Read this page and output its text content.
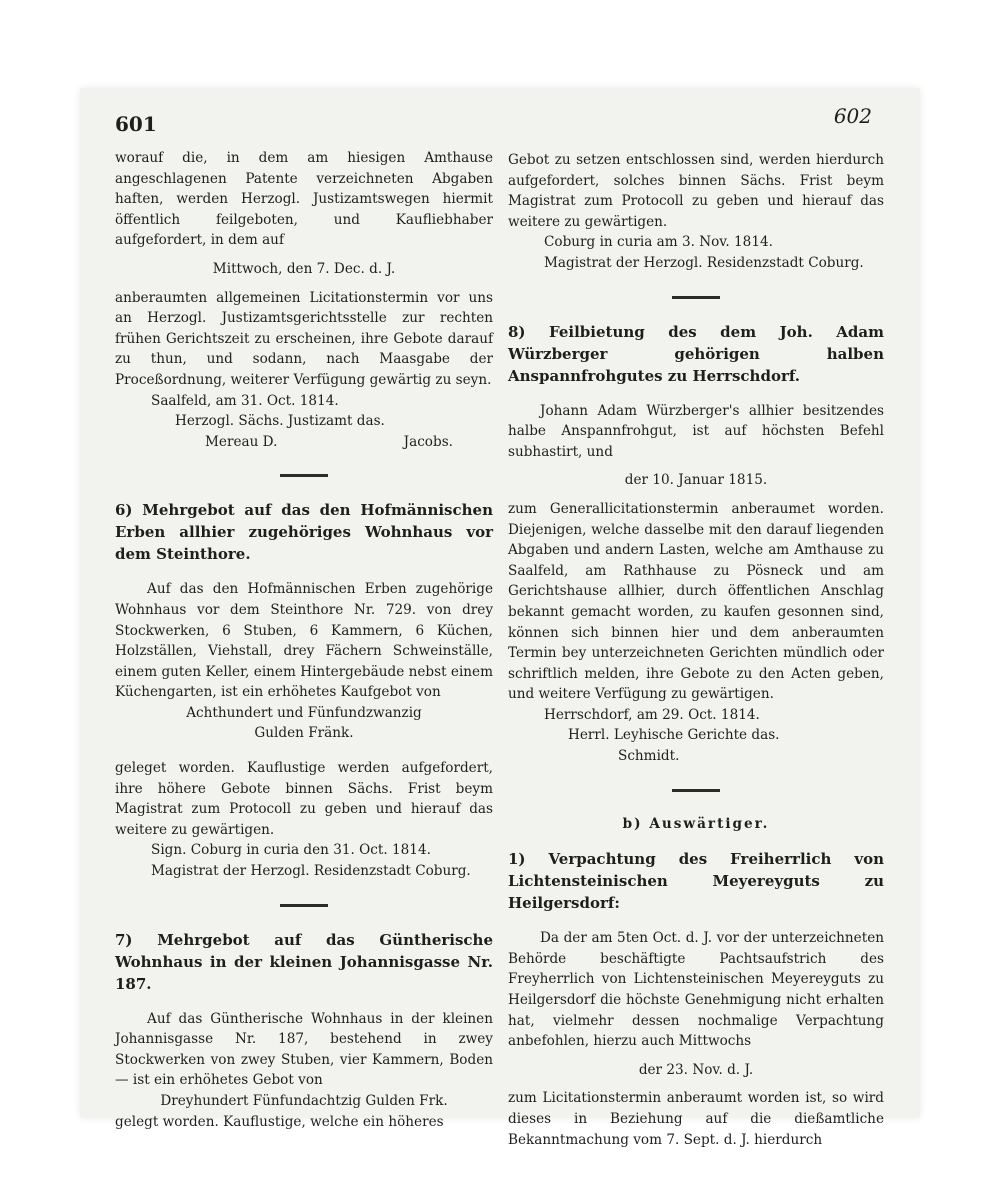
601	602

worauf die, in dem am hiesigen Amthause angeschlagenen Patente verzeichneten Abgaben haften, werden Herzogl. Justizamtswegen hiermit öffentlich feilgeboten, und Kaufliebhaber aufgefordert, in dem auf

Mittwoch, den 7. Dec. d. J.

anberaumten allgemeinen Licitationstermin vor uns an Herzogl. Justizamtsgerichtsstelle zur rechten frühen Gerichtszeit zu erscheinen, ihre Gebote darauf zu thun, und sodann, nach Maasgabe der Proceßordnung, weiterer Verfügung gewärtig zu seyn.

Saalfeld, am 31. Oct. 1814.

Herzogl. Sächs. Justizamt das.

Mereau D.	Jacobs.

6) Mehrgebot auf das den Hofmännischen Erben allhier zugehöriges Wohnhaus vor dem Steinthore.

Auf das den Hofmännischen Erben zugehörige Wohnhaus vor dem Steinthore Nr. 729. von drey Stockwerken, 6 Stuben, 6 Kammern, 6 Küchen, Holzställen, Viehstall, drey Fächern Schweinställe, einem guten Keller, einem Hintergebäude nebst einem Küchengarten, ist ein erhöhetes Kaufgebot von

Achthundert und Fünfundzwanzig

Gulden Fränk.

geleget worden. Kauflustige werden aufgefordert, ihre höhere Gebote binnen Sächs. Frist beym Magistrat zum Protocoll zu geben und hierauf das weitere zu gewärtigen.

Sign. Coburg in curia den 31. Oct. 1814.

Magistrat der Herzogl. Residenzstadt Coburg.

7) Mehrgebot auf das Güntherische Wohnhaus in der kleinen Johannisgasse Nr. 187.

Auf das Güntherische Wohnhaus in der kleinen Johannisgasse Nr. 187, bestehend in zwey Stockwerken von zwey Stuben, vier Kammern, Boden — ist ein erhöhetes Gebot von

Dreyhundert Fünfundachtzig Gulden Frk.

gelegt worden. Kauflustige, welche ein höheres

Gebot zu setzen entschlossen sind, werden hierdurch aufgefordert, solches binnen Sächs. Frist beym Magistrat zum Protocoll zu geben und hierauf das weitere zu gewärtigen.

Coburg in curia am 3. Nov. 1814.

Magistrat der Herzogl. Residenzstadt Coburg.

8) Feilbietung des dem Joh. Adam Würzberger gehörigen halben Anspannfrohgutes zu Herrschdorf.

Johann Adam Würzberger's allhier besitzendes halbe Anspannfrohgut, ist auf höchsten Befehl subhastirt, und

der 10. Januar 1815.

zum Generallicitationstermin anberaumet worden. Diejenigen, welche dasselbe mit den darauf liegenden Abgaben und andern Lasten, welche am Amthause zu Saalfeld, am Rathhause zu Pösneck und am Gerichtshause allhier, durch öffentlichen Anschlag bekannt gemacht worden, zu kaufen gesonnen sind, können sich binnen hier und dem anberaumten Termin bey unterzeichneten Gerichten mündlich oder schriftlich melden, ihre Gebote zu den Acten geben, und weitere Verfügung zu gewärtigen.

Herrschdorf, am 29. Oct. 1814.

Herrl. Leyhische Gerichte das.

Schmidt.

b) Auswärtiger.

1) Verpachtung des Freiherrlich von Lichtensteinischen Meyereyguts zu Heilgersdorf:

Da der am 5ten Oct. d. J. vor der unterzeichneten Behörde beschäftigte Pachtsaufstrich des Freyherrlich von Lichtensteinischen Meyereyguts zu Heilgersdorf die höchste Genehmigung nicht erhalten hat, vielmehr dessen nochmalige Verpachtung anbefohlen, hierzu auch Mittwochs

der 23. Nov. d. J.

zum Licitationstermin anberaumt worden ist, so wird dieses in Beziehung auf die dießamtliche Bekanntmachung vom 7. Sept. d. J. hierdurch
